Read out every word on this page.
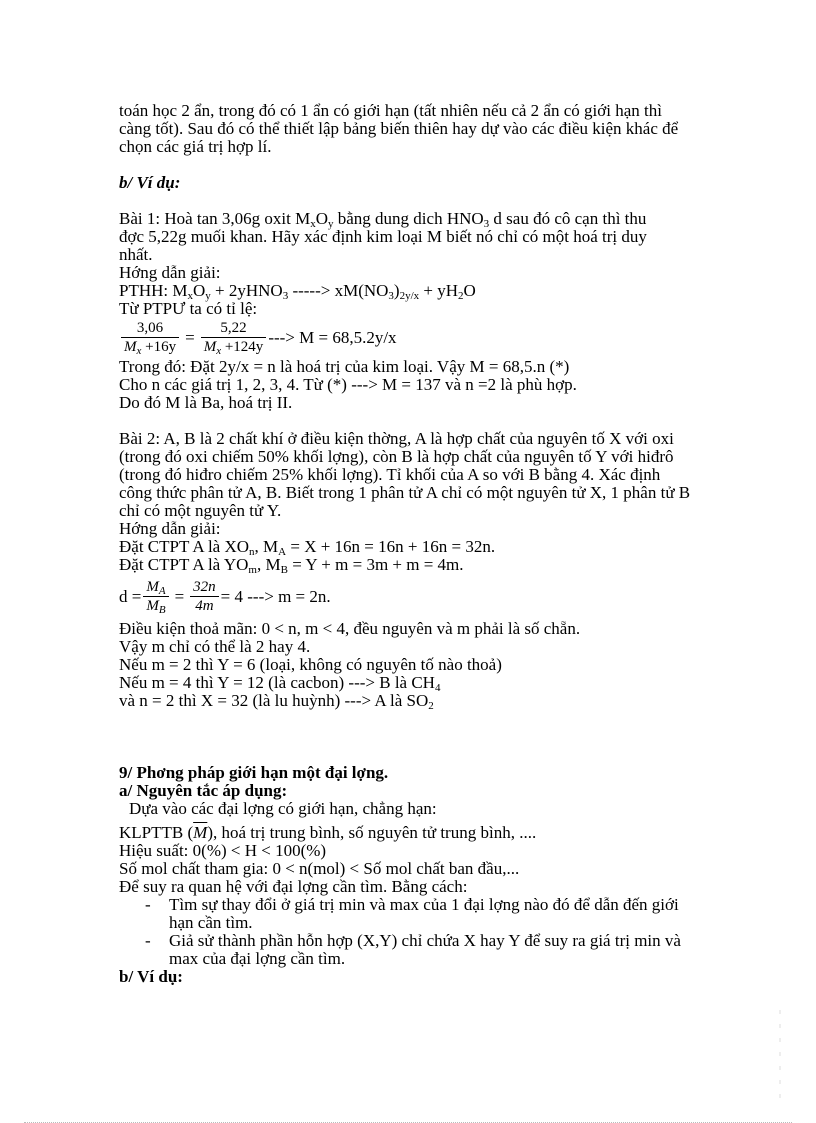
toán học 2 ẩn, trong đó có 1 ẩn có giới hạn (tất nhiên nếu cả 2 ẩn có giới hạn thì

càng tốt). Sau đó có thể thiết lập bảng biến thiên hay dự vào các điều kiện khác để

chọn các giá trị hợp lí.

b/ Ví dụ:

Bài 1: Hoà tan 3,06g oxit $M_xO_y$ bằng dung dich $HNO_3$ d sau đó cô cạn thì thu

đợc 5,22g muối khan. Hãy xác định kim loại M biết nó chỉ có một hoá trị duy

nhất.

Hớng dẫn giải:

PTHH: $M_xO_y$ + 2yHNO$_3$ -----> $xM(NO_3)_{2y/x} + yH_2O$

Từ PTPƯ ta có tỉ lệ:

$\frac{3,06}{M_x +16y} = \frac{5,22}{M_x +124y}$ ---> M = 68,5.2y/x

Trong đó: Đặt 2y/x = n là hoá trị của kim loại. Vậy M = 68,5.n (*)

Cho n các giá trị 1, 2, 3, 4. Từ (*) ---> M = 137 và n =2 là phù hợp.

Do đó M là Ba, hoá trị II.

Bài 2: A, B là 2 chất khí ở điều kiện thờng, A là hợp chất của nguyên tố X với oxi

(trong đó oxi chiếm 50% khối lợng), còn B là hợp chất của nguyên tố Y với hiđrô

(trong đó hiđro chiếm 25% khối lợng). Tỉ khối của A so với B bằng 4. Xác định

công thức phân tử A, B. Biết trong 1 phân tử A chỉ có một nguyên tử X, 1 phân tử B

chỉ có một nguyên tử Y.

Hớng dẫn giải:

Đặt CTPT A là $XO_n$, $M_A = X + 16n = 16n + 16n = 32n$.

Đặt CTPT A là $YO_m$, $M_B = Y + m = 3m + m = 4m$.

$d = \frac{M_A}{M_B} = \frac{32n}{4m} = 4$ ---> m = 2n.

Điều kiện thoả mãn: 0 < n, m < 4, đều nguyên và m phải là số chẵn.

Vậy m chỉ có thể là 2 hay 4.

Nếu m = 2 thì Y = 6 (loại, không có nguyên tố nào thoả)

Nếu m = 4 thì Y = 12 (là cacbon) ---> B là $CH_4$

và n = 2 thì X = 32 (là lu huỳnh) ---> A là $SO_2$

9/ Phơng pháp giới hạn một đại lợng.

a/ Nguyên tắc áp dụng:

Dựa vào các đại lợng có giới hạn, chẳng hạn:

KLPTTB $(\overline{M})$, hoá trị trung bình, số nguyên tử trung bình, ....

Hiệu suất: 0(%) < H < 100(%)

Số mol chất tham gia: 0 < n(mol) < Số mol chất ban đầu,...

Để suy ra quan hệ với đại lợng cần tìm. Bằng cách:

-	Tìm sự thay đổi ở giá trị min và max của 1 đại lợng nào đó để dẫn đến giới

hạn cần tìm.

-	Giả sử thành phần hỗn hợp (X,Y) chỉ chứa X hay Y để suy ra giá trị min và

max của đại lợng cần tìm.

b/ Ví dụ:
